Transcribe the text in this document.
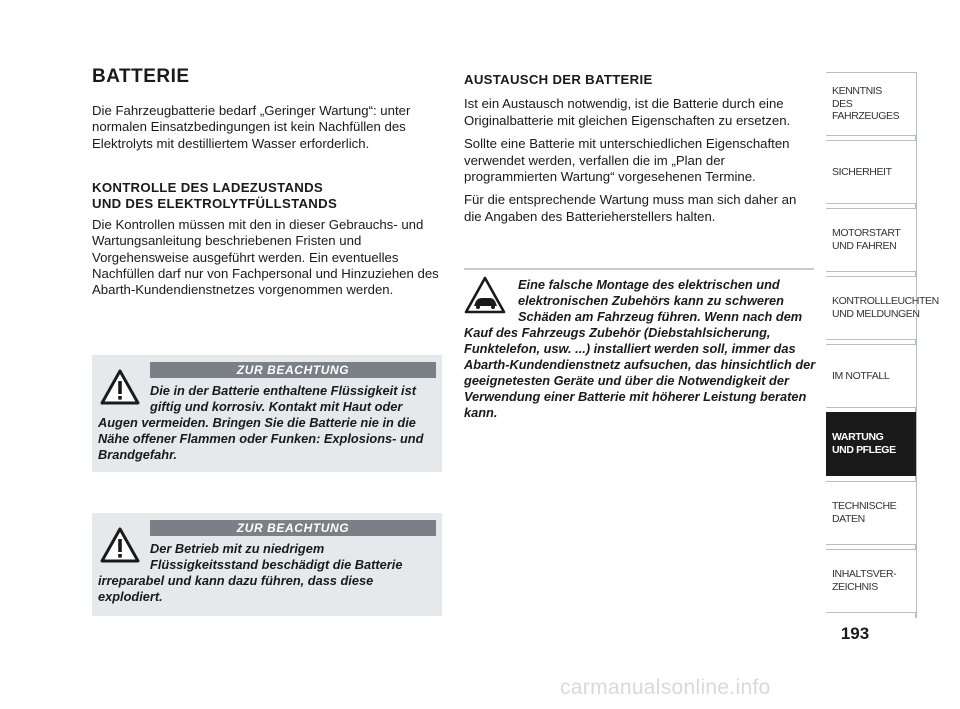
BATTERIE

Die Fahrzeugbatterie bedarf „Geringer Wartung“: unter normalen Einsatzbedingungen ist kein Nachfüllen des Elektrolyts mit destilliertem Wasser erforderlich.

KONTROLLE DES LADEZUSTANDS
UND DES ELEKTROLYTFÜLLSTANDS

Die Kontrollen müssen mit den in dieser Gebrauchs- und Wartungsanleitung beschriebenen Fristen und Vorgehensweise ausgeführt werden. Ein eventuelles Nachfüllen darf nur von Fachpersonal und Hinzuziehen des Abarth-Kundendienstnetzes vorgenommen werden.

ZUR BEACHTUNG
Die in der Batterie enthaltene Flüssigkeit ist giftig und korrosiv. Kontakt mit Haut oder Augen vermeiden. Bringen Sie die Batterie nie in die Nähe offener Flammen oder Funken: Explosions- und Brandgefahr.
ZUR BEACHTUNG
Der Betrieb mit zu niedrigem Flüssigkeitsstand beschädigt die Batterie irreparabel und kann dazu führen, dass diese explodiert.
AUSTAUSCH DER BATTERIE

Ist ein Austausch notwendig, ist die Batterie durch eine Originalbatterie mit gleichen Eigenschaften zu ersetzen.

Sollte eine Batterie mit unterschiedlichen Eigenschaften verwendet werden, verfallen die im „Plan der programmierten Wartung“ vorgesehenen Termine.

Für die entsprechende Wartung muss man sich daher an die Angaben des Batterieherstellers halten.

Eine falsche Montage des elektrischen und elektronischen Zubehörs kann zu schweren Schäden am Fahrzeug führen. Wenn nach dem Kauf des Fahrzeugs Zubehör (Diebstahlsicherung, Funktelefon, usw. ...) installiert werden soll, immer das Abarth-Kundendienstnetz aufsuchen, das hinsichtlich der geeignetesten Geräte und über die Notwendigkeit der Verwendung einer Batterie mit höherer Leistung beraten kann.
KENNTNIS
DES FAHRZEUGES
SICHERHEIT
MOTORSTART
UND FAHREN
KONTROLLLEUCHTEN
UND MELDUNGEN
IM NOTFALL
WARTUNG
UND PFLEGE
TECHNISCHE
DATEN
INHALTSVER-
ZEICHNIS
193
carmanualsonline.info
